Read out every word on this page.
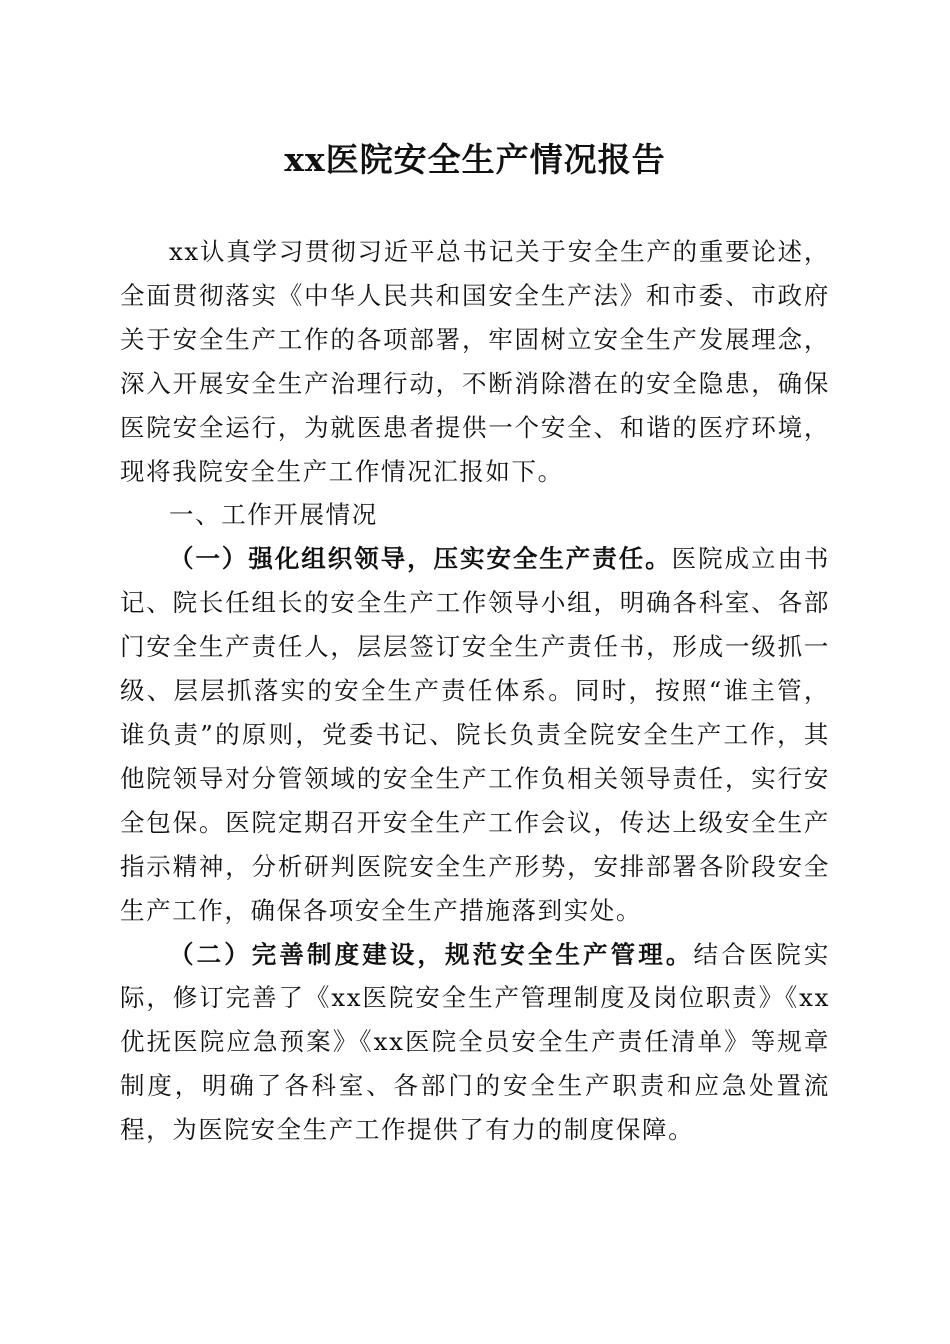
xx医院安全生产情况报告

xx认真学习贯彻习近平总书记关于安全生产的重要论述，全面贯彻落实《中华人民共和国安全生产法》和市委、市政府关于安全生产工作的各项部署，牢固树立安全生产发展理念，深入开展安全生产治理行动，不断消除潜在的安全隐患，确保医院安全运行，为就医患者提供一个安全、和谐的医疗环境，现将我院安全生产工作情况汇报如下。

一、工作开展情况

（一）强化组织领导，压实安全生产责任。医院成立由书记、院长任组长的安全生产工作领导小组，明确各科室、各部门安全生产责任人，层层签订安全生产责任书，形成一级抓一级、层层抓落实的安全生产责任体系。同时，按照“谁主管，谁负责”的原则，党委书记、院长负责全院安全生产工作，其他院领导对分管领域的安全生产工作负相关领导责任，实行安全包保。医院定期召开安全生产工作会议，传达上级安全生产指示精神，分析研判医院安全生产形势，安排部署各阶段安全生产工作，确保各项安全生产措施落到实处。

（二）完善制度建设，规范安全生产管理。结合医院实际，修订完善了《xx医院安全生产管理制度及岗位职责》《xx优抚医院应急预案》《xx医院全员安全生产责任清单》等规章制度，明确了各科室、各部门的安全生产职责和应急处置流程，为医院安全生产工作提供了有力的制度保障。
